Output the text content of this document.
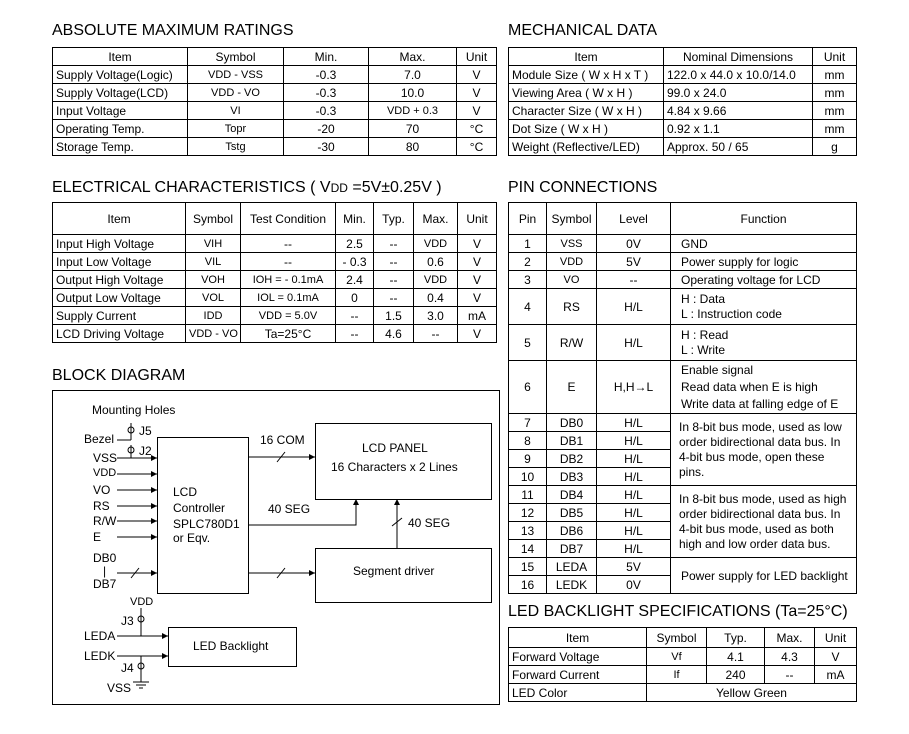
ABSOLUTE MAXIMUM RATINGS	MECHANICAL DATA
ELECTRICAL CHARACTERISTICS ( VDD =5V±0.25V )	PIN CONNECTIONS
BLOCK DIAGRAM
LED BACKLIGHT SPECIFICATIONS (Ta=25°C)
Item	Symbol	Min.	Max.	Unit
Supply Voltage(Logic)	VDD - VSS	-0.3	7.0	V
Supply Voltage(LCD)	VDD - VO	-0.3	10.0	V
Input Voltage	VI	-0.3	VDD + 0.3	V
Operating Temp.	Topr	-20	70	°C
Storage Temp.	Tstg	-30	80	°C
Item	Nominal Dimensions	Unit
Module Size ( W x H x T )	122.0 x 44.0 x 10.0/14.0	mm
Viewing Area ( W x H )	99.0 x 24.0	mm
Character Size ( W x H )	4.84 x 9.66	mm
Dot Size ( W x H )	0.92 x 1.1	mm
Weight (Reflective/LED)	Approx. 50 / 65	g
Item	Symbol	Test Condition	Min.	Typ.	Max.	Unit
Input High Voltage	VIH	--	2.5	--	VDD	V
Input Low Voltage	VIL	--	- 0.3	--	0.6	V
Output High Voltage	VOH	IOH = - 0.1mA	2.4	--	VDD	V
Output Low Voltage	VOL	IOL = 0.1mA	0	--	0.4	V
Supply Current	IDD	VDD = 5.0V	--	1.5	3.0	mA
LCD Driving Voltage	VDD - VO	Ta=25°C	--	4.6	--	V
Pin	Symbol	Level	Function
1	VSS	0V	GND
2	VDD	5V	Power supply for logic
3	VO	--	Operating voltage for LCD
4	RS	H/L	H : Data
L : Instruction code

5	R/W	H/L	H : Read
L : Write

6	E	H,H→L	Enable signal
Read data when E is high
Write data at falling edge of E

7	DB0	H/L	In 8-bit bus mode, used as low order bidirectional data bus. In 4-bit bus mode, open these pins.
8	DB1	H/L	
9	DB2	H/L	
10	DB3	H/L	
11	DB4	H/L	In 8-bit bus mode, used as high order bidirectional data bus. In 4-bit bus mode, used as both high and low order data bus.
12	DB5	H/L	
13	DB6	H/L	
14	DB7	H/L	
15	LEDA	5V	Power supply for LED backlight
16	LEDK	0V	
Item	Symbol	Typ.	Max.	Unit
Forward Voltage	Vf	4.1	4.3	V
Forward Current	If	240	--	mA
LED Color	Yellow Green			
Mounting Holes
J5
Bezel
J2
VSS
VDD
VO
RS
R/W
E
DB0
|
DB7
VDD
J3
LEDA
LEDK
J4
VSS
LCD
Controller
SPLC780D1
or Eqv.
LCD PANEL
16 Characters x 2 Lines
Segment driver
LED Backlight
16 COM
40 SEG
40 SEG
